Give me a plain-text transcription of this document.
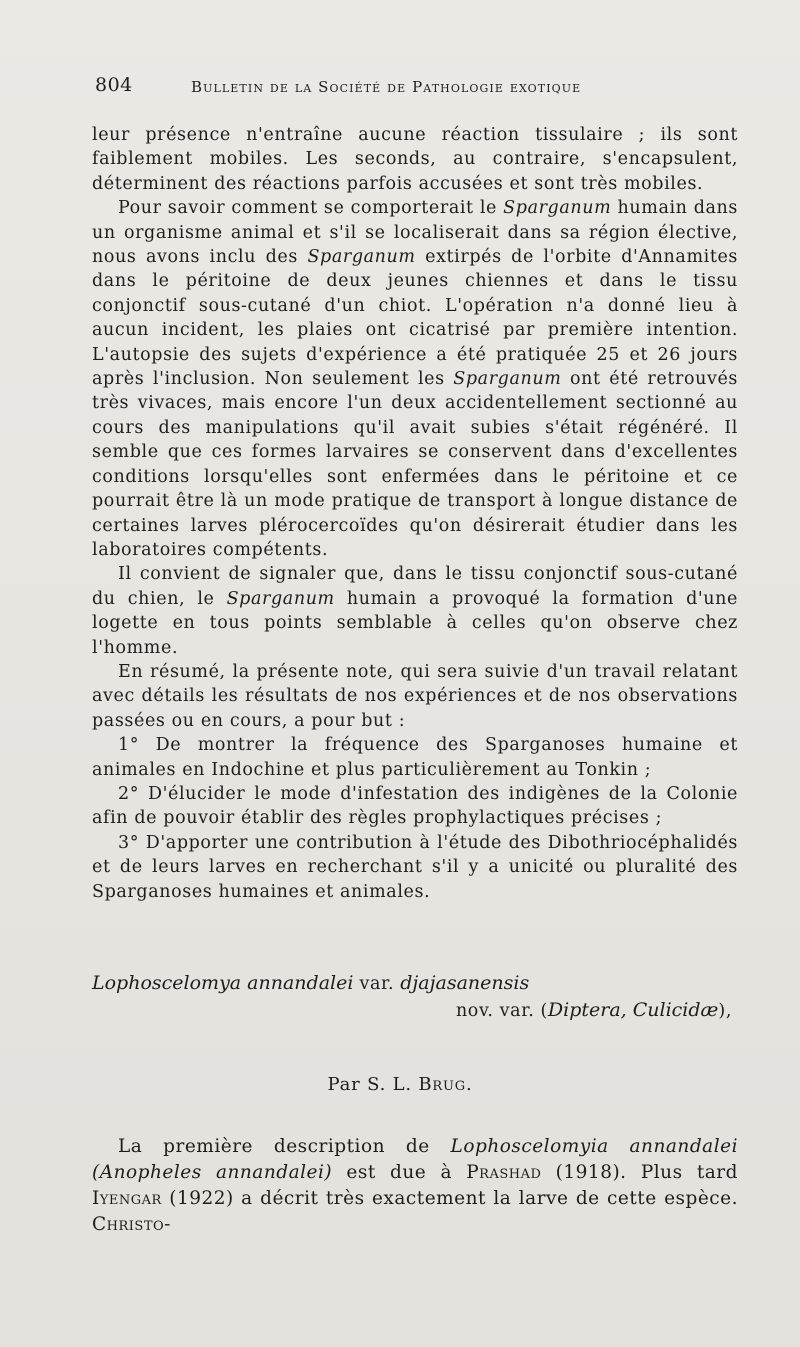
804	Bulletin de la Société de Pathologie exotique

leur présence n'entraîne aucune réaction tissulaire ; ils sont faiblement mobiles. Les seconds, au contraire, s'encapsulent, déterminent des réactions parfois accusées et sont très mobiles.

Pour savoir comment se comporterait le Sparganum humain dans un organisme animal et s'il se localiserait dans sa région élective, nous avons inclu des Sparganum extirpés de l'orbite d'Annamites dans le péritoine de deux jeunes chiennes et dans le tissu conjonctif sous-cutané d'un chiot. L'opération n'a donné lieu à aucun incident, les plaies ont cicatrisé par première intention. L'autopsie des sujets d'expérience a été pratiquée 25 et 26 jours après l'inclusion. Non seulement les Sparganum ont été retrouvés très vivaces, mais encore l'un deux accidentellement sectionné au cours des manipulations qu'il avait subies s'était régénéré. Il semble que ces formes larvaires se conservent dans d'excellentes conditions lorsqu'elles sont enfermées dans le péritoine et ce pourrait être là un mode pratique de transport à longue distance de certaines larves plérocercoïdes qu'on désirerait étudier dans les laboratoires compétents.

Il convient de signaler que, dans le tissu conjonctif sous-cutané du chien, le Sparganum humain a provoqué la formation d'une logette en tous points semblable à celles qu'on observe chez l'homme.

En résumé, la présente note, qui sera suivie d'un travail relatant avec détails les résultats de nos expériences et de nos observations passées ou en cours, a pour but :

1° De montrer la fréquence des Sparganoses humaine et animales en Indochine et plus particulièrement au Tonkin ;

2° D'élucider le mode d'infestation des indigènes de la Colonie afin de pouvoir établir des règles prophylactiques précises ;

3° D'apporter une contribution à l'étude des Dibothriocéphalidés et de leurs larves en recherchant s'il y a unicité ou pluralité des Sparganoses humaines et animales.

Lophoscelomya annandalei var. djajasanensis
nov. var. (Diptera, Culicidæ),
Par S. L. Brug.

La première description de Lophoscelomyia annandalei (Anopheles annandalei) est due à Prashad (1918). Plus tard Iyengar (1922) a décrit très exactement la larve de cette espèce. Christo-
